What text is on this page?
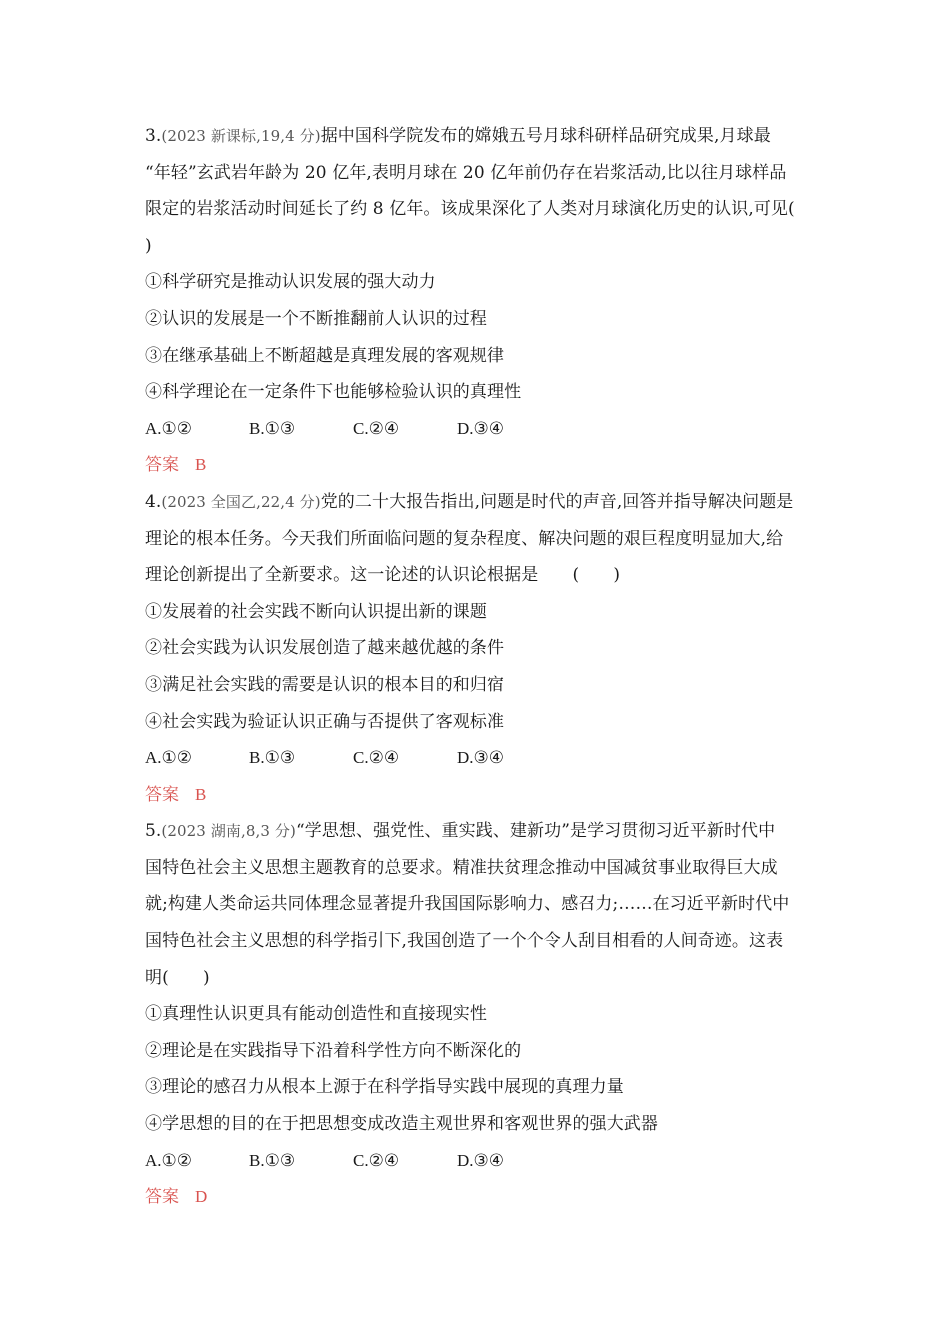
3.(2023 新课标,19,4 分)据中国科学院发布的嫦娥五号月球科研样品研究成果,月球最
“年轻”玄武岩年龄为 20 亿年,表明月球在 20 亿年前仍存在岩浆活动,比以往月球样品
限定的岩浆活动时间延长了约 8 亿年。该成果深化了人类对月球演化历史的认识,可见(
)
①科学研究是推动认识发展的强大动力
②认识的发展是一个不断推翻前人认识的过程
③在继承基础上不断超越是真理发展的客观规律
④科学理论在一定条件下也能够检验认识的真理性
A.①②	B.①③	C.②④	D.③④
答案 B
4.(2023 全国乙,22,4 分)党的二十大报告指出,问题是时代的声音,回答并指导解决问题是
理论的根本任务。今天我们所面临问题的复杂程度、解决问题的艰巨程度明显加大,给
理论创新提出了全新要求。这一论述的认识论根据是　　(　　)
①发展着的社会实践不断向认识提出新的课题
②社会实践为认识发展创造了越来越优越的条件
③满足社会实践的需要是认识的根本目的和归宿
④社会实践为验证认识正确与否提供了客观标准
A.①②	B.①③	C.②④	D.③④
答案 B
5.(2023 湖南,8,3 分)“学思想、强党性、重实践、建新功”是学习贯彻习近平新时代中
国特色社会主义思想主题教育的总要求。精准扶贫理念推动中国减贫事业取得巨大成
就;构建人类命运共同体理念显著提升我国国际影响力、感召力;……在习近平新时代中
国特色社会主义思想的科学指引下,我国创造了一个个令人刮目相看的人间奇迹。这表
明(　　)
①真理性认识更具有能动创造性和直接现实性
②理论是在实践指导下沿着科学性方向不断深化的
③理论的感召力从根本上源于在科学指导实践中展现的真理力量
④学思想的目的在于把思想变成改造主观世界和客观世界的强大武器
A.①②	B.①③	C.②④	D.③④
答案 D
